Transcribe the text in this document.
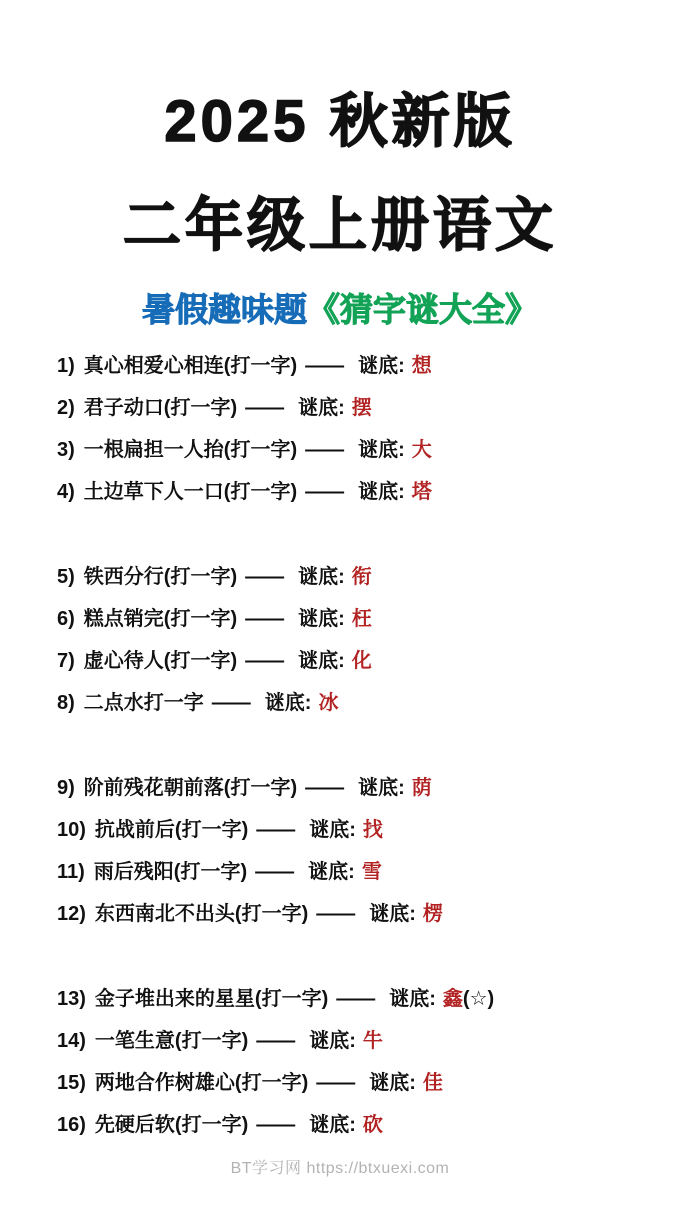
2025 秋新版
二年级上册语文
暑假趣味题《猜字谜大全》
1) 真心相爱心相连(打一字) —— 谜底: 想
2) 君子动口(打一字) —— 谜底: 摆
3) 一根扁担一人抬(打一字) —— 谜底: 大
4) 土边草下人一口(打一字) —— 谜底: 塔
5) 铁西分行(打一字) —— 谜底: 衔
6) 糕点销完(打一字) —— 谜底: 枉
7) 虚心待人(打一字) —— 谜底: 化
8) 二点水打一字 —— 谜底: 冰
9) 阶前残花朝前落(打一字) —— 谜底: 荫
10) 抗战前后(打一字) —— 谜底: 找
11) 雨后残阳(打一字) —— 谜底: 雪
12) 东西南北不出头(打一字) —— 谜底: 楞
13) 金子堆出来的星星(打一字) —— 谜底: 鑫(☆)
14) 一笔生意(打一字) —— 谜底: 牛
15) 两地合作树雄心(打一字) —— 谜底: 佳
16) 先硬后软(打一字) —— 谜底: 砍
BT学习网 https://btxuexi.com
